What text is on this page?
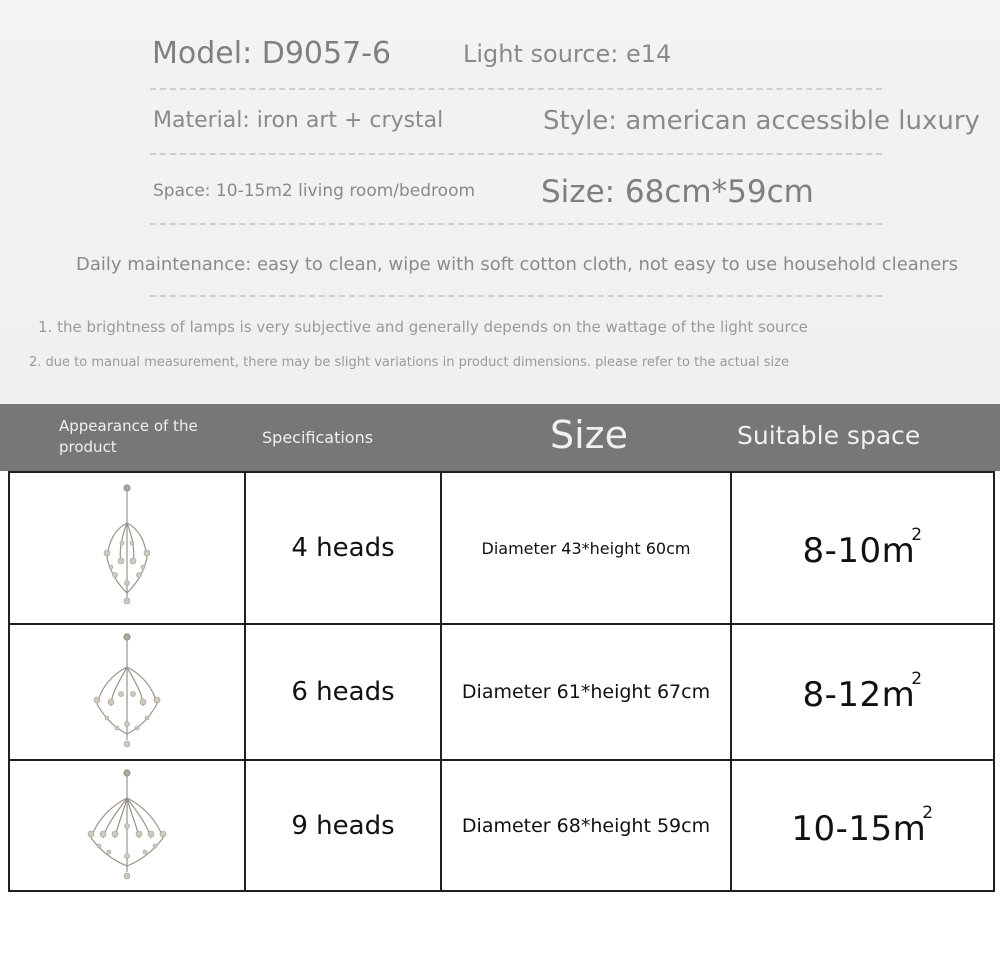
Model: D9057-6	Light source: e14
Material: iron art + crystal	Style: american accessible luxury
Space: 10-15m2 living room/bedroom Size: 68cm*59cm
Daily maintenance: easy to clean, wipe with soft cotton cloth, not easy to use household cleaners
1. the brightness of lamps is very subjective and generally depends on the wattage of the light source
2. due to manual measurement, there may be slight variations in product dimensions. please refer to the actual size
Appearance of the product	Specifications	Size	Suitable space
	4 heads	Diameter 43*height 60cm	$8-10m^2$

	6 heads	Diameter 61*height 67cm	$8-12m^2$

	9 heads	Diameter 68*height 59cm	$10-15m^2$
